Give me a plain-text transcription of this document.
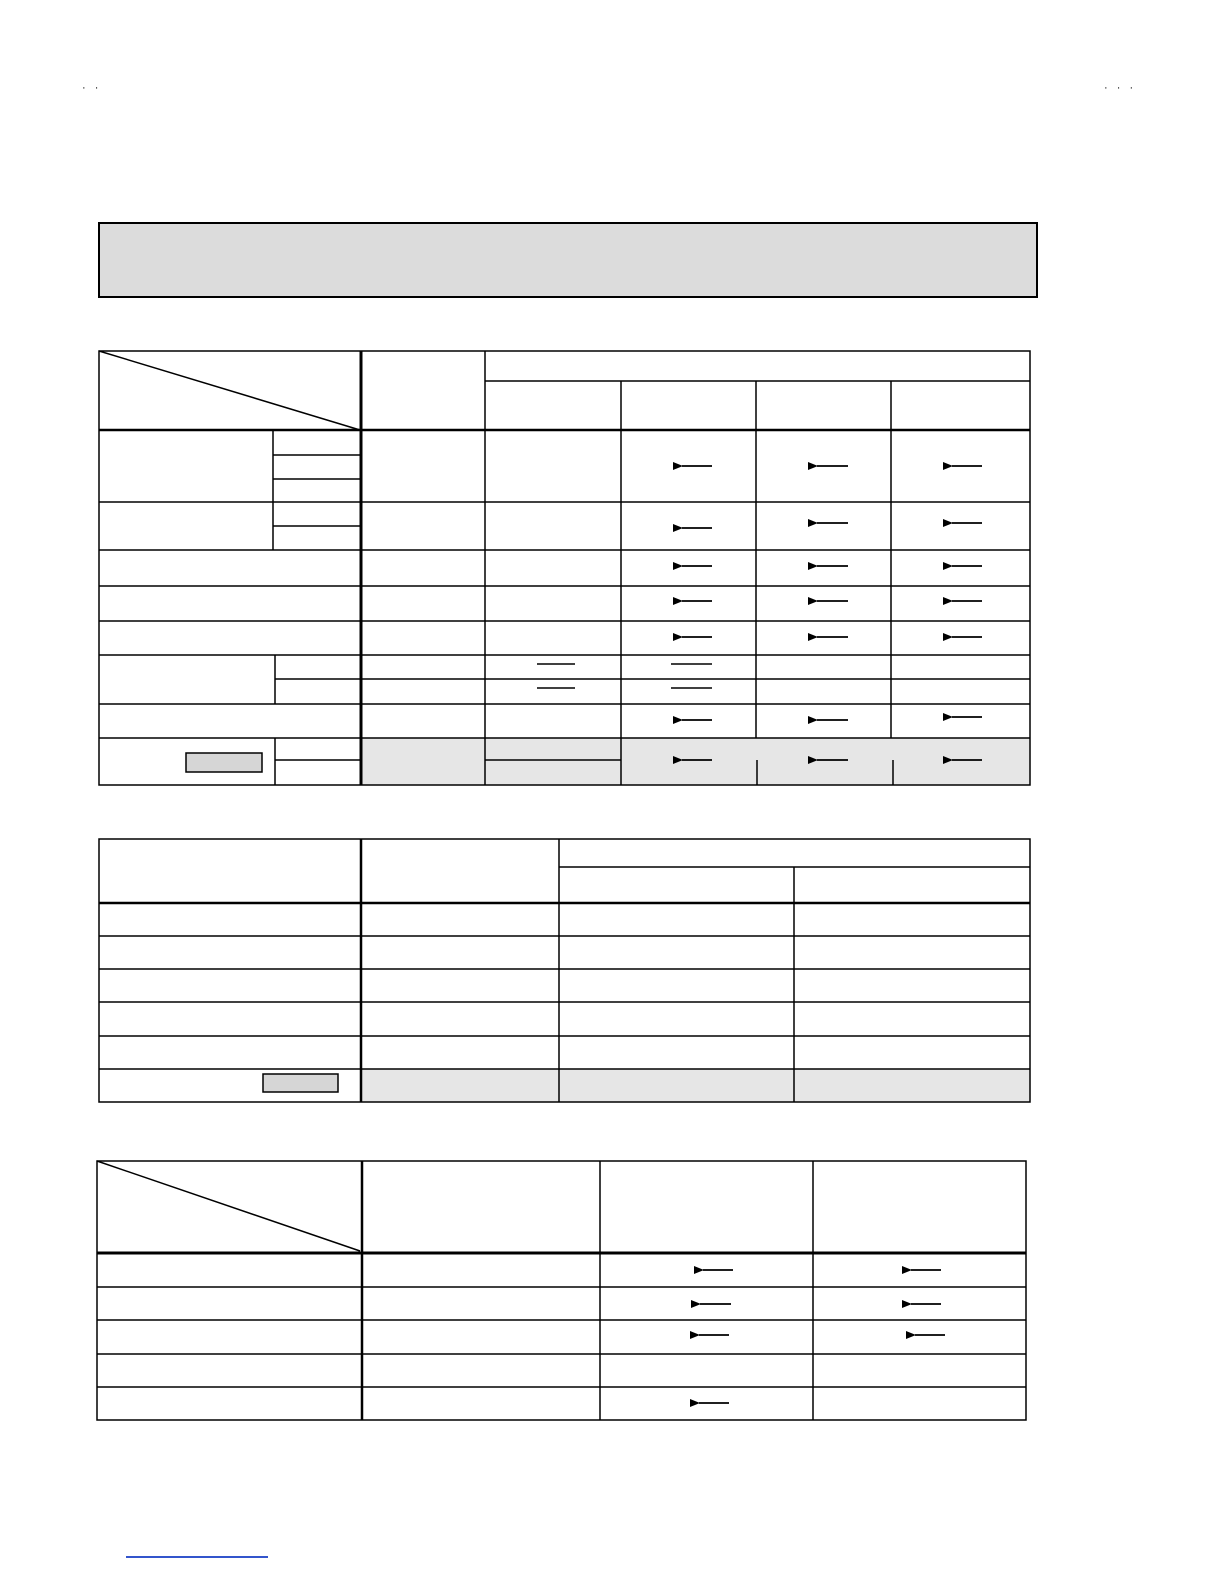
· ·	· · ·
